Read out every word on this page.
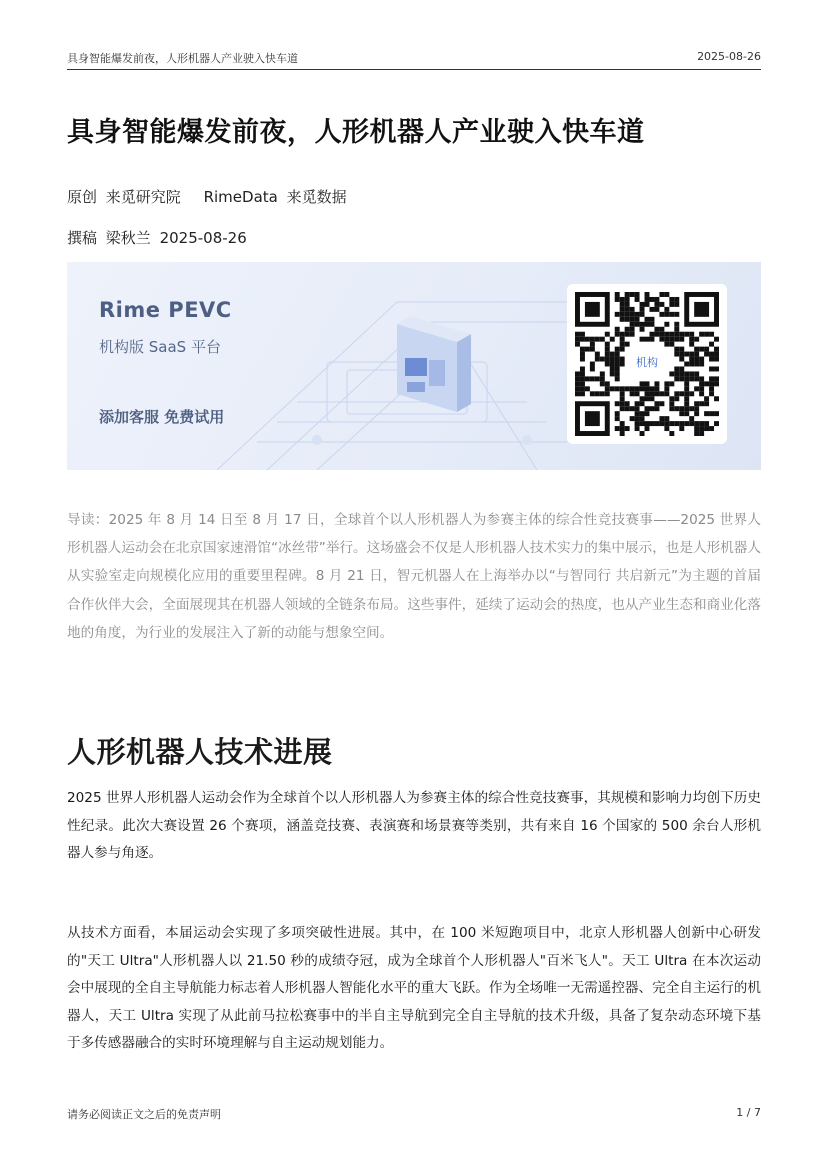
具身智能爆发前夜，人形机器人产业驶入快车道	2025-08-26
具身智能爆发前夜，人形机器人产业驶入快车道
原创 来觅研究院 RimeData 来觅数据
撰稿 梁秋兰 2025-08-26
Rime PEVC
机构版 SaaS 平台
添加客服 免费试用
机构

导读：2025 年 8 月 14 日至 8 月 17 日，全球首个以人形机器人为参赛主体的综合性竞技赛事——2025 世界人形机器人运动会在北京国家速滑馆“冰丝带”举行。这场盛会不仅是人形机器人技术实力的集中展示，也是人形机器人从实验室走向规模化应用的重要里程碑。8 月 21 日，智元机器人在上海举办以“与智同行 共启新元”为主题的首届合作伙伴大会，全面展现其在机器人领域的全链条布局。这些事件，延续了运动会的热度，也从产业生态和商业化落地的角度，为行业的发展注入了新的动能与想象空间。

人形机器人技术进展

2025 世界人形机器人运动会作为全球首个以人形机器人为参赛主体的综合性竞技赛事，其规模和影响力均创下历史性纪录。此次大赛设置 26 个赛项，涵盖竞技赛、表演赛和场景赛等类别，共有来自 16 个国家的 500 余台人形机器人参与角逐。

从技术方面看，本届运动会实现了多项突破性进展。其中，在 100 米短跑项目中，北京人形机器人创新中心研发的"天工 Ultra"人形机器人以 21.50 秒的成绩夺冠，成为全球首个人形机器人"百米飞人"。天工 Ultra 在本次运动会中展现的全自主导航能力标志着人形机器人智能化水平的重大飞跃。作为全场唯一无需遥控器、完全自主运行的机器人，天工 Ultra 实现了从此前马拉松赛事中的半自主导航到完全自主导航的技术升级，具备了复杂动态环境下基于多传感器融合的实时环境理解与自主运动规划能力。

请务必阅读正文之后的免责声明	1 / 7
